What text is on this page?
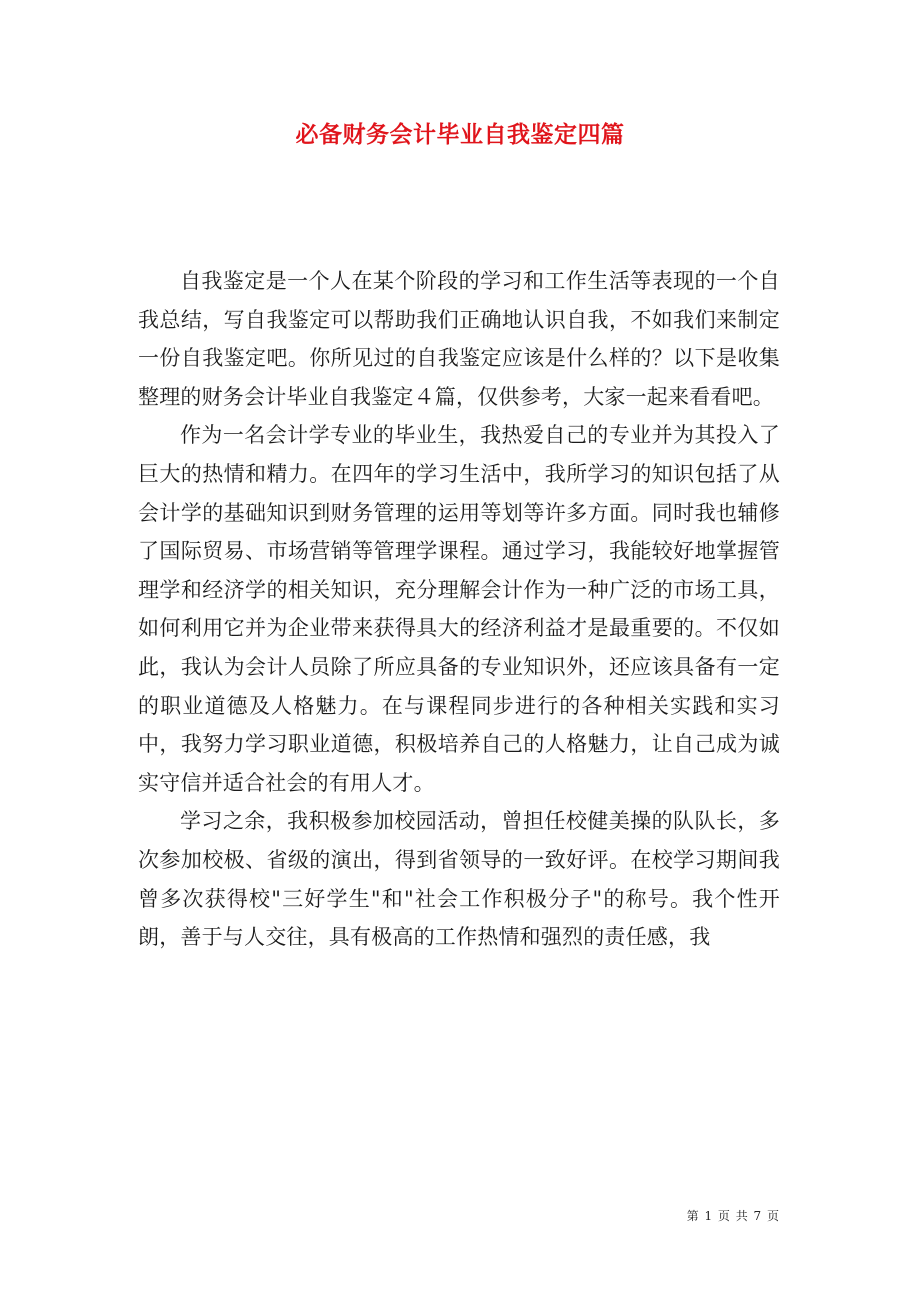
必备财务会计毕业自我鉴定四篇

自我鉴定是一个人在某个阶段的学习和工作生活等表现的一个自我总结，写自我鉴定可以帮助我们正确地认识自我，不如我们来制定一份自我鉴定吧。你所见过的自我鉴定应该是什么样的？以下是收集整理的财务会计毕业自我鉴定４篇，仅供参考，大家一起来看看吧。

作为一名会计学专业的毕业生，我热爱自己的专业并为其投入了巨大的热情和精力。在四年的学习生活中，我所学习的知识包括了从会计学的基础知识到财务管理的运用等划等许多方面。同时我也辅修了国际贸易、市场营销等管理学课程。通过学习，我能较好地掌握管理学和经济学的相关知识，充分理解会计作为一种广泛的市场工具，如何利用它并为企业带来获得具大的经济利益才是最重要的。不仅如此，我认为会计人员除了所应具备的专业知识外，还应该具备有一定的职业道德及人格魅力。在与课程同步进行的各种相关实践和实习中，我努力学习职业道德，积极培养自己的人格魅力，让自己成为诚实守信并适合社会的有用人才。

学习之余，我积极参加校园活动，曾担任校健美操的队队长，多次参加校极、省级的演出，得到省领导的一致好评。在校学习期间我曾多次获得校"三好学生"和"社会工作积极分子"的称号。我个性开朗，善于与人交往，具有极高的工作热情和强烈的责任感，我

第 1 页 共 7 页
